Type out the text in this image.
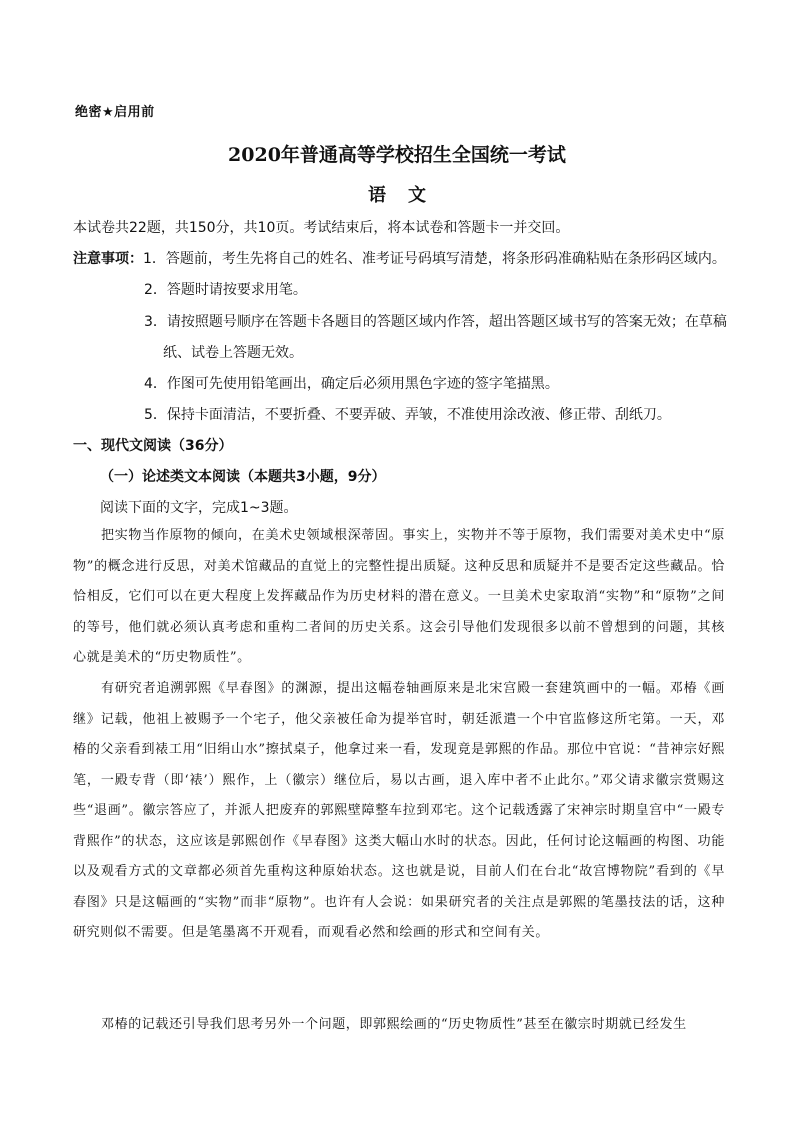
绝密★启用前
2020年普通高等学校招生全国统一考试
语文
本试卷共22题，共150分，共10页。考试结束后，将本试卷和答题卡一并交回。
注意事项：1．答题前，考生先将自己的姓名、准考证号码填写清楚，将条形码准确粘贴在条形码区域内。
2．答题时请按要求用笔。
3．请按照题号顺序在答题卡各题目的答题区域内作答，超出答题区域书写的答案无效；在草稿
纸、试卷上答题无效。
4．作图可先使用铅笔画出，确定后必须用黑色字迹的签字笔描黑。
5．保持卡面清洁，不要折叠、不要弄破、弄皱，不准使用涂改液、修正带、刮纸刀。
一、现代文阅读（36分）
（一）论述类文本阅读（本题共3小题，9分）
阅读下面的文字，完成1~3题。
把实物当作原物的倾向，在美术史领域根深蒂固。事实上，实物并不等于原物，我们需要对美术史中“原物”的概念进行反思，对美术馆藏品的直觉上的完整性提出质疑。这种反思和质疑并不是要否定这些藏品。恰恰相反，它们可以在更大程度上发挥藏品作为历史材料的潜在意义。一旦美术史家取消“实物”和“原物”之间的等号，他们就必须认真考虑和重构二者间的历史关系。这会引导他们发现很多以前不曾想到的问题，其核心就是美术的“历史物质性”。
有研究者追溯郭熙《早春图》的渊源，提出这幅卷轴画原来是北宋宫殿一套建筑画中的一幅。邓椿《画继》记载，他祖上被赐予一个宅子，他父亲被任命为提举官时，朝廷派遣一个中官监修这所宅第。一天，邓椿的父亲看到裱工用“旧绢山水”擦拭桌子，他拿过来一看，发现竟是郭熙的作品。那位中官说：“昔神宗好熙笔，一殿专背（即‘裱’）熙作，上（徽宗）继位后，易以古画，退入库中者不止此尔。”邓父请求徽宗赏赐这些“退画”。徽宗答应了，并派人把废弃的郭熙壁障整车拉到邓宅。这个记载透露了宋神宗时期皇宫中“一殿专背熙作”的状态，这应该是郭熙创作《早春图》这类大幅山水时的状态。因此，任何讨论这幅画的构图、功能以及观看方式的文章都必须首先重构这种原始状态。这也就是说，目前人们在台北“故宫博物院”看到的《早春图》只是这幅画的“实物”而非“原物”。也许有人会说：如果研究者的关注点是郭熙的笔墨技法的话，这种研究则似不需要。但是笔墨离不开观看，而观看必然和绘画的形式和空间有关。
邓椿的记载还引导我们思考另外一个问题，即郭熙绘画的“历史物质性”甚至在徽宗时期就已经发生
